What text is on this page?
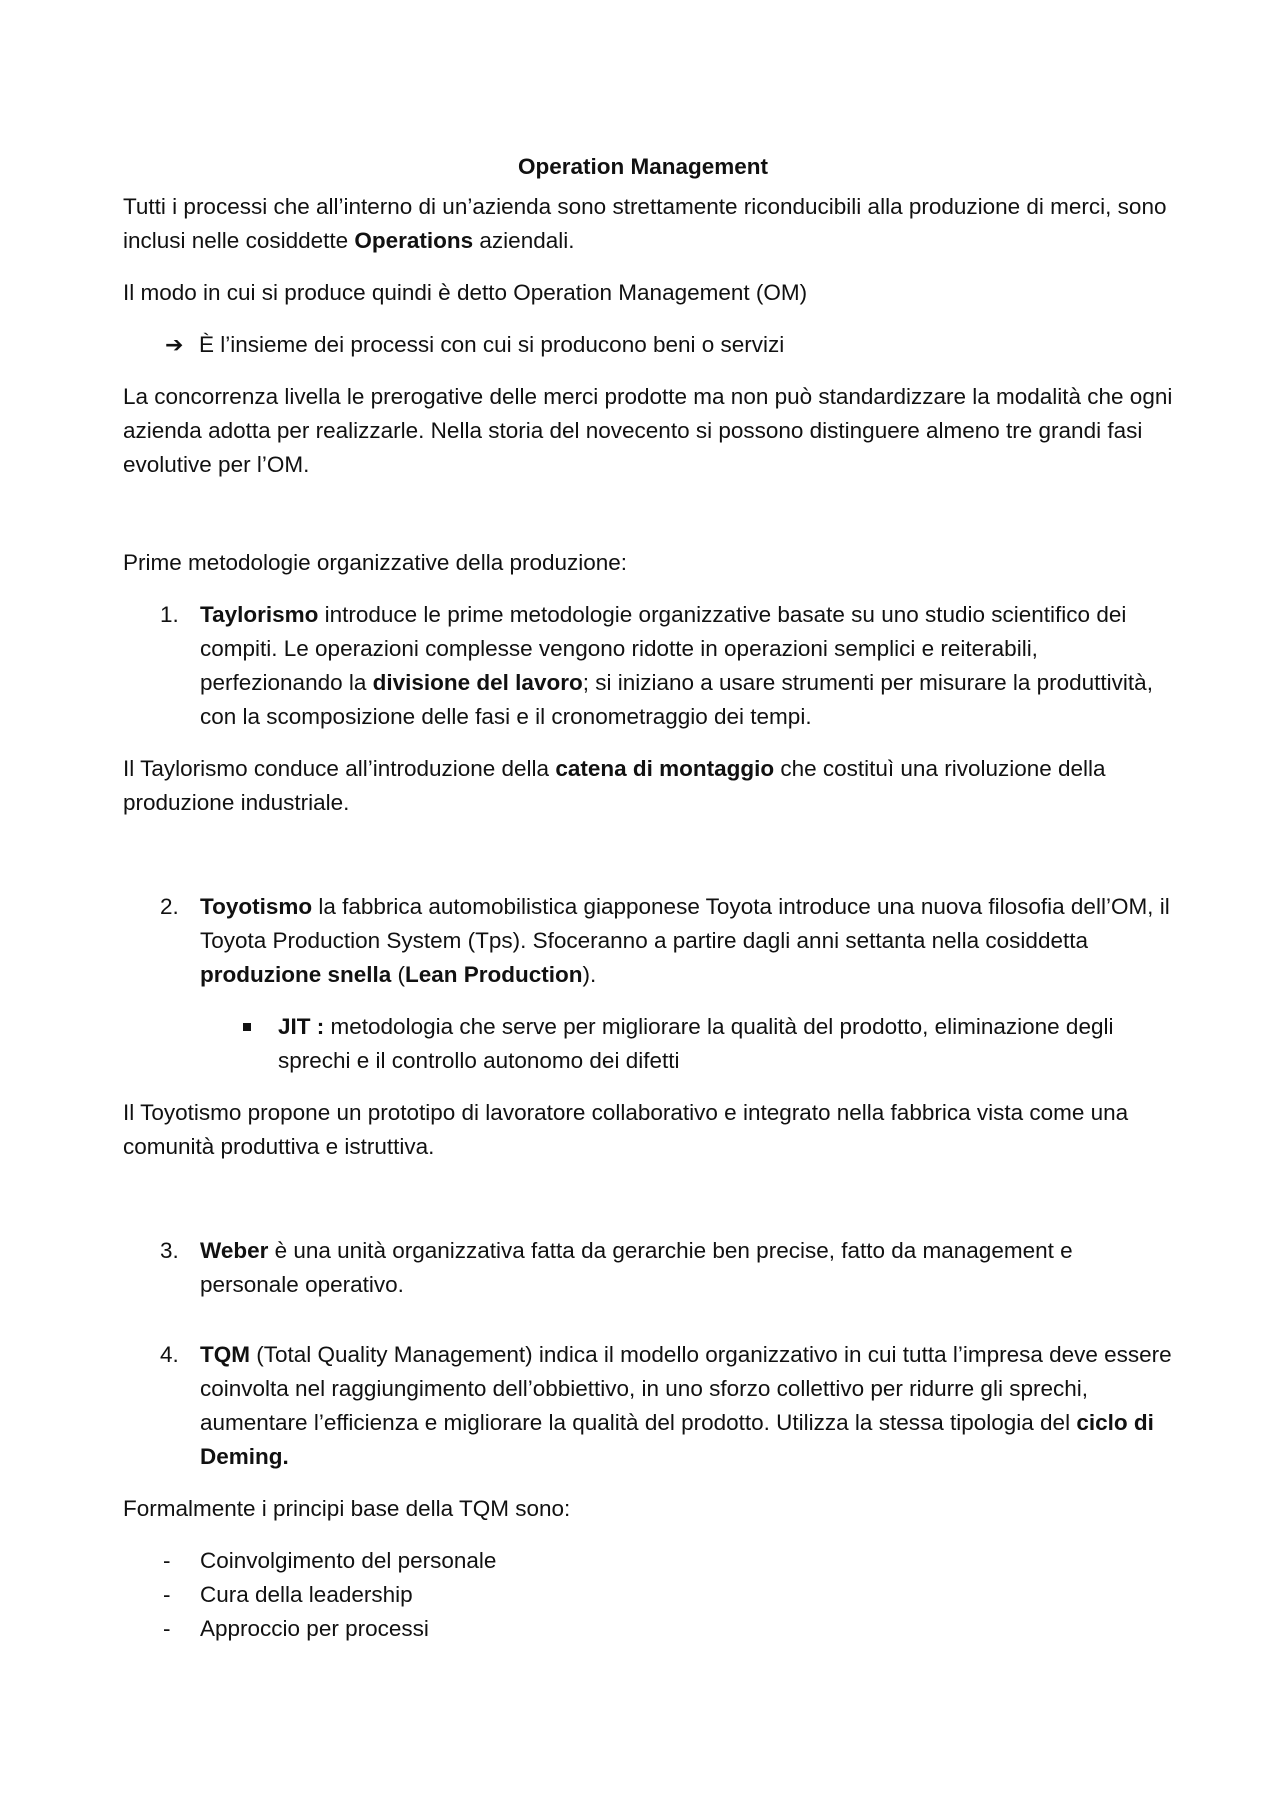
Operation Management

Tutti i processi che all’interno di un’azienda sono strettamente riconducibili alla produzione di merci, sono inclusi nelle cosiddette Operations aziendali.

Il modo in cui si produce quindi è detto Operation Management (OM)

➔ È l’insieme dei processi con cui si producono beni o servizi

La concorrenza livella le prerogative delle merci prodotte ma non può standardizzare la modalità che ogni azienda adotta per realizzarle. Nella storia del novecento si possono distinguere almeno tre grandi fasi evolutive per l’OM.

Prime metodologie organizzative della produzione:

1. Taylorismo introduce le prime metodologie organizzative basate su uno studio scientifico dei compiti. Le operazioni complesse vengono ridotte in operazioni semplici e reiterabili, perfezionando la divisione del lavoro; si iniziano a usare strumenti per misurare la produttività, con la scomposizione delle fasi e il cronometraggio dei tempi.

Il Taylorismo conduce all’introduzione della catena di montaggio che costituì una rivoluzione della produzione industriale.

2. Toyotismo la fabbrica automobilistica giapponese Toyota introduce una nuova filosofia dell’OM, il Toyota Production System (Tps). Sfoceranno a partire dagli anni settanta nella cosiddetta produzione snella (Lean Production).
JIT : metodologia che serve per migliorare la qualità del prodotto, eliminazione degli sprechi e il controllo autonomo dei difetti

Il Toyotismo propone un prototipo di lavoratore collaborativo e integrato nella fabbrica vista come una comunità produttiva e istruttiva.

3. Weber è una unità organizzativa fatta da gerarchie ben precise, fatto da management e personale operativo.
4. TQM (Total Quality Management) indica il modello organizzativo in cui tutta l’impresa deve essere coinvolta nel raggiungimento dell’obbiettivo, in uno sforzo collettivo per ridurre gli sprechi, aumentare l’efficienza e migliorare la qualità del prodotto. Utilizza la stessa tipologia del ciclo di Deming.

Formalmente i principi base della TQM sono:

- Coinvolgimento del personale
- Cura della leadership
- Approccio per processi
